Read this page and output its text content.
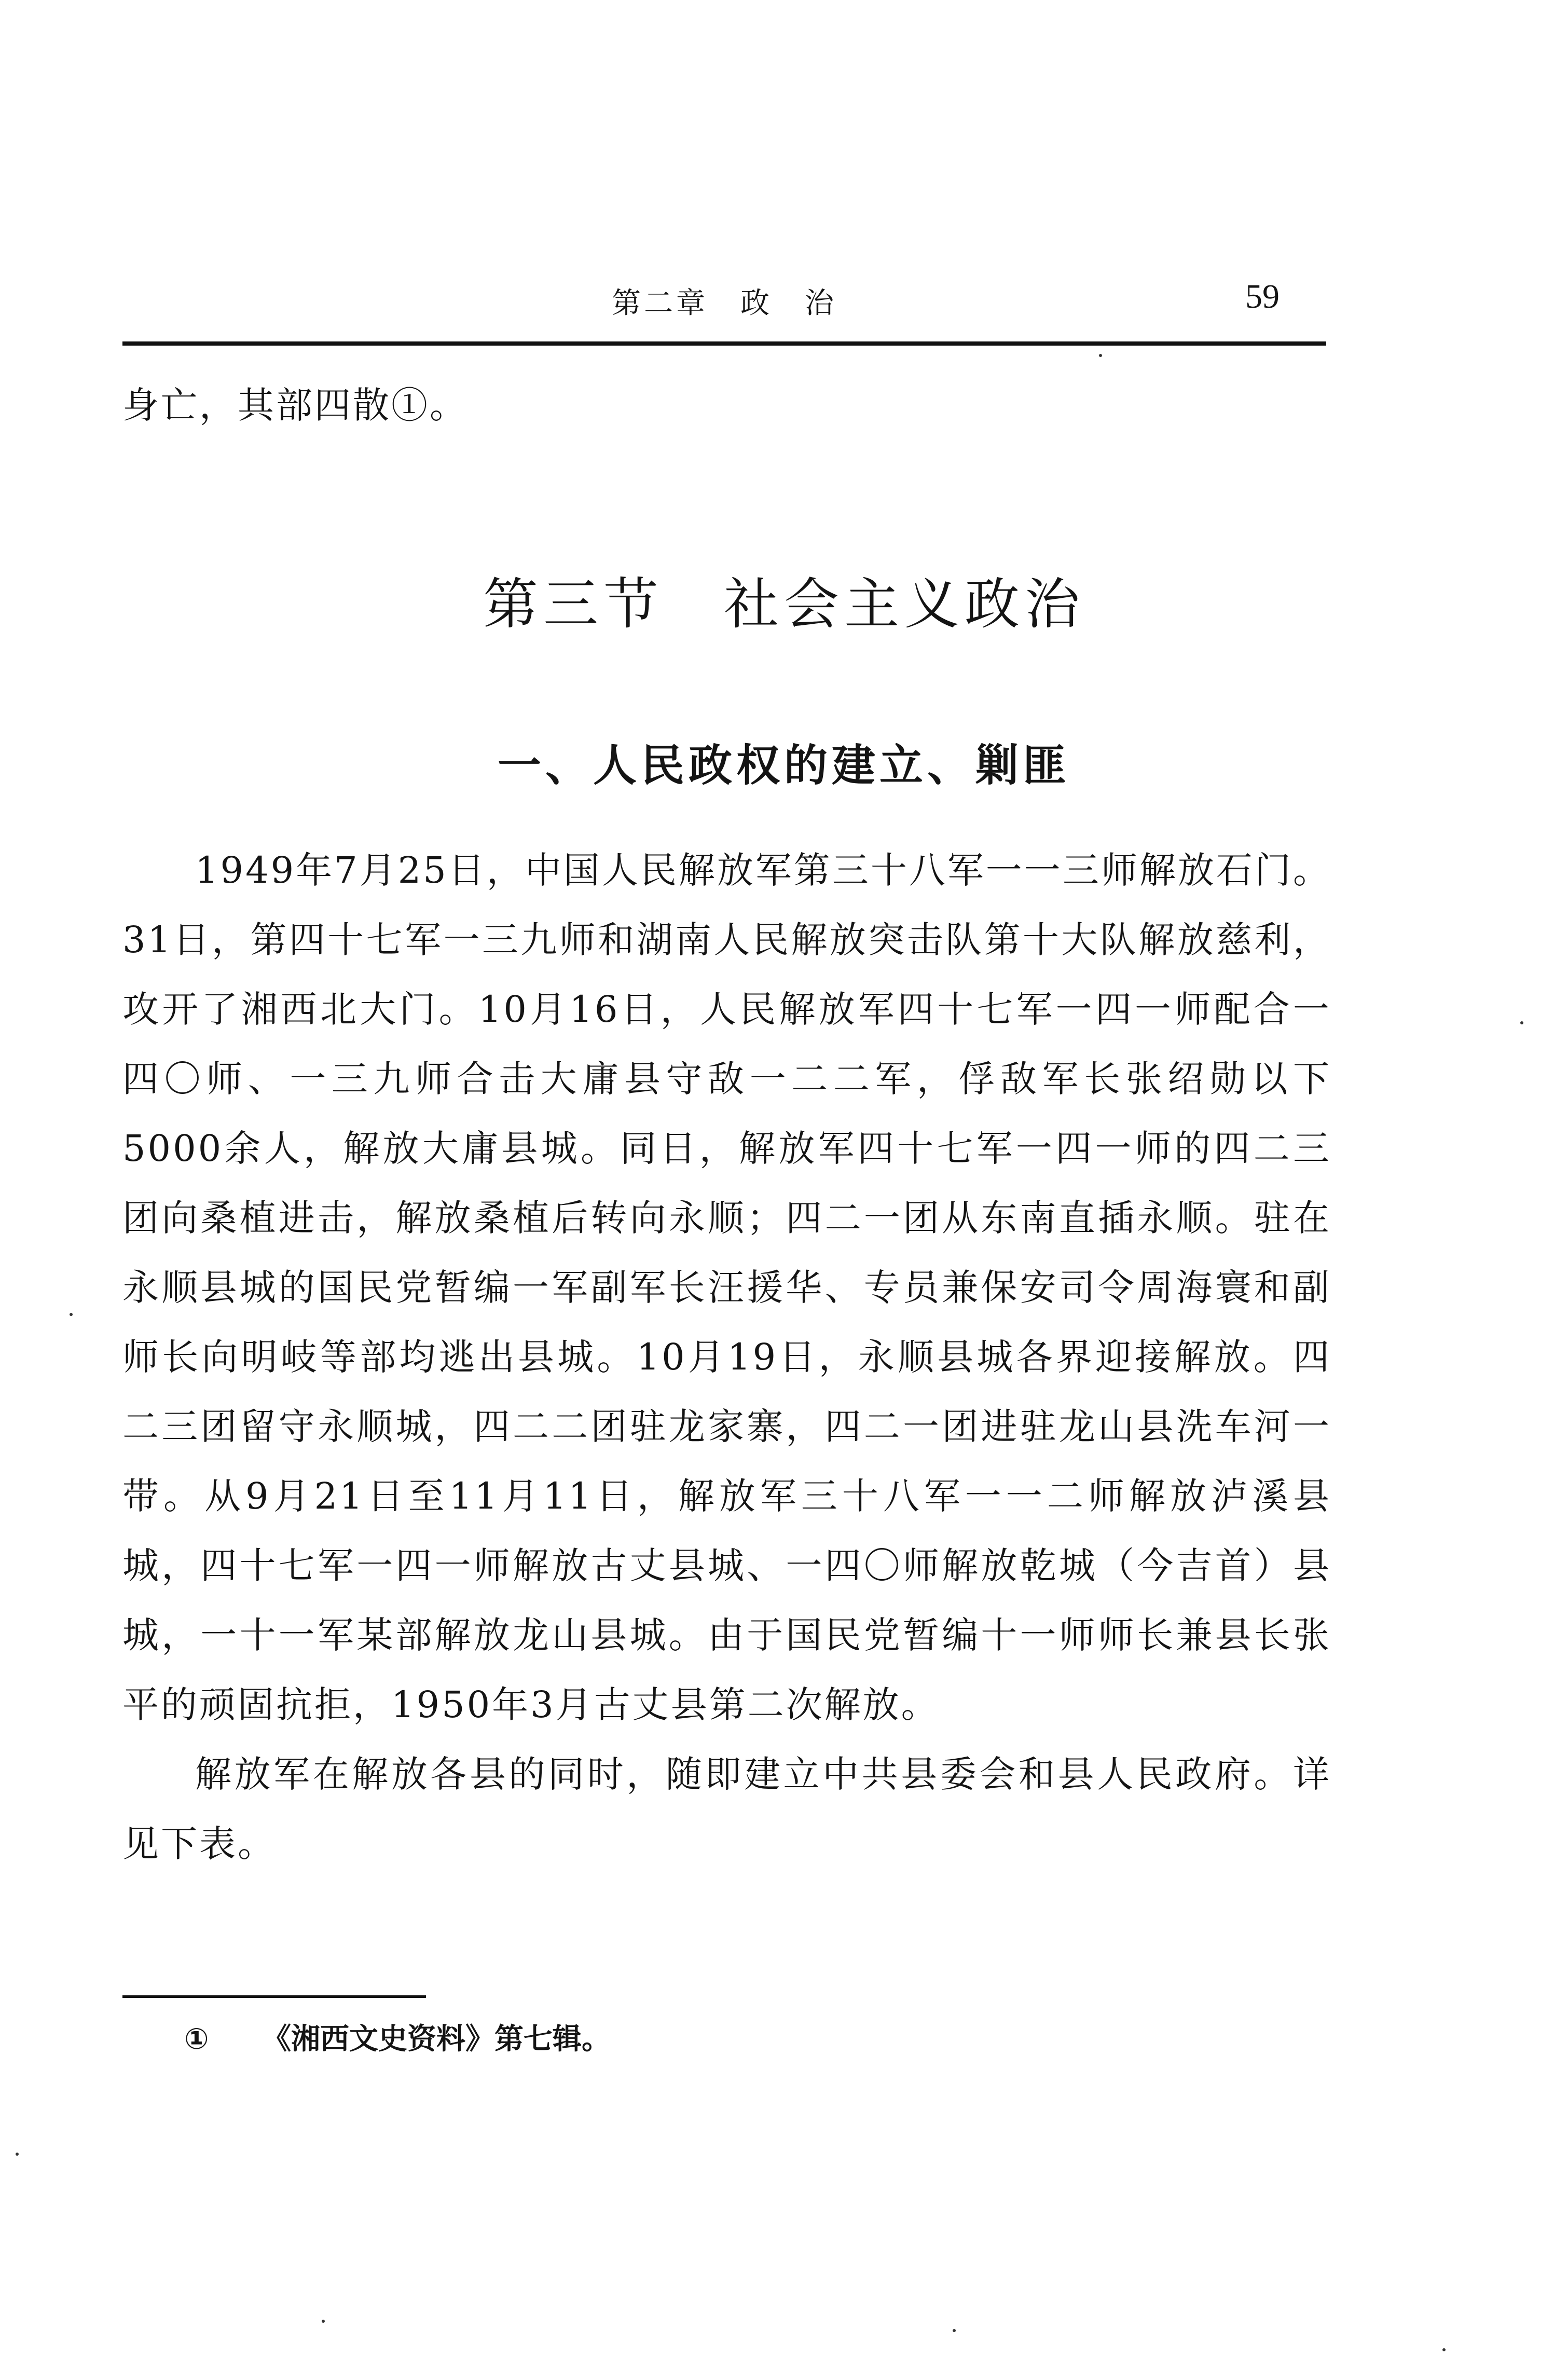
第二章　政　治	59
身亡，其部四散①。
第三节　社会主义政治
一、人民政权的建立、剿匪

1949年7月25日，中国人民解放军第三十八军一一三师解放石门。31日，第四十七军一三九师和湖南人民解放突击队第十大队解放慈利，攻开了湘西北大门。10月16日，人民解放军四十七军一四一师配合一四〇师、一三九师合击大庸县守敌一二二军，俘敌军长张绍勋以下5000余人，解放大庸县城。同日，解放军四十七军一四一师的四二三团向桑植进击，解放桑植后转向永顺；四二一团从东南直插永顺。驻在永顺县城的国民党暂编一军副军长汪援华、专员兼保安司令周海寰和副师长向明岐等部均逃出县城。10月19日，永顺县城各界迎接解放。四二三团留守永顺城，四二二团驻龙家寨，四二一团进驻龙山县洗车河一带。从9月21日至11月11日，解放军三十八军一一二师解放泸溪县城，四十七军一四一师解放古丈县城、一四〇师解放乾城（今吉首）县城，一十一军某部解放龙山县城。由于国民党暂编十一师师长兼县长张平的顽固抗拒，1950年3月古丈县第二次解放。

解放军在解放各县的同时，随即建立中共县委会和县人民政府。详见下表。

① 《湘西文史资料》第七辑。
